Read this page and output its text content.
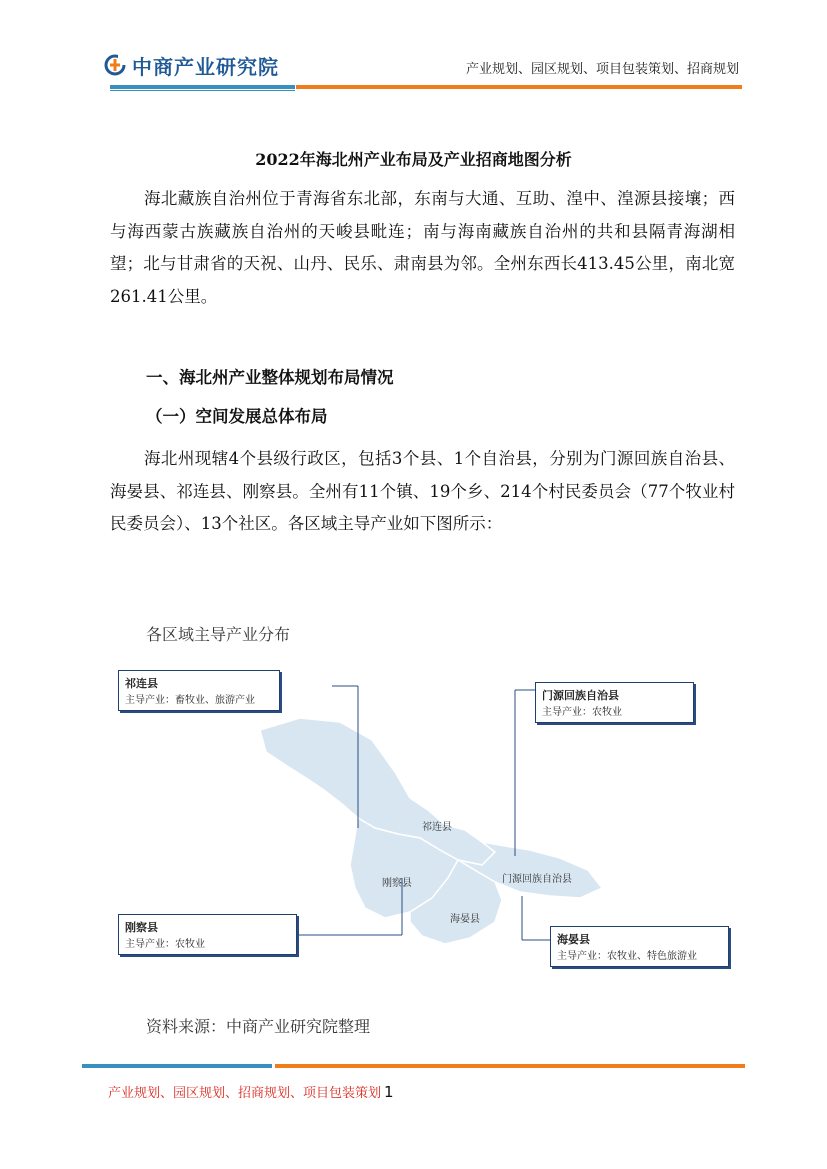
中商产业研究院	产业规划、园区规划、项目包装策划、招商规划
2022年海北州产业布局及产业招商地图分析
海北藏族自治州位于青海省东北部，东南与大通、互助、湟中、湟源县接壤；西与海西蒙古族藏族自治州的天峻县毗连；南与海南藏族自治州的共和县隔青海湖相望；北与甘肃省的天祝、山丹、民乐、肃南县为邻。全州东西长413.45公里，南北宽261.41公里。
一、海北州产业整体规划布局情况
（一）空间发展总体布局
海北州现辖4个县级行政区，包括3个县、1个自治县，分别为门源回族自治县、海晏县、祁连县、刚察县。全州有11个镇、19个乡、214个村民委员会（77个牧业村民委员会）、13个社区。各区域主导产业如下图所示：
各区域主导产业分布
祁连县
主导产业：畜牧业、旅游产业	门源回族自治县
主导产业：农牧业
刚察县
主导产业：农牧业	海晏县
主导产业：农牧业、特色旅游业
祁连县
刚察县	门源回族自治县
海晏县
资料来源：中商产业研究院整理
产业规划、园区规划、招商规划、项目包装策划 1
